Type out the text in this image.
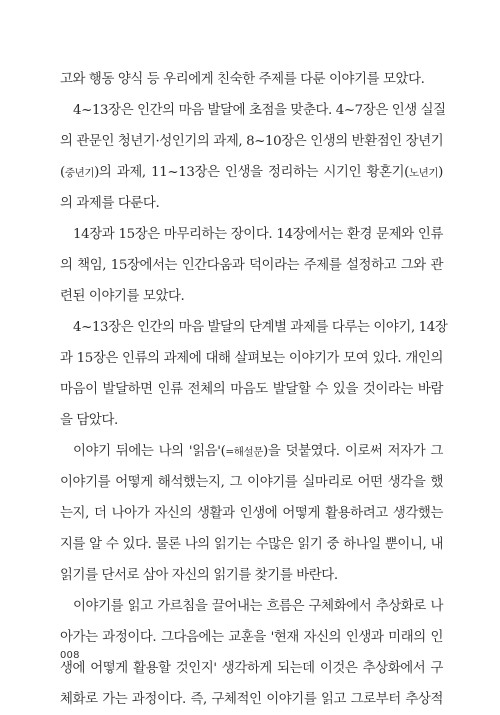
고와 행동 양식 등 우리에게 친숙한 주제를 다룬 이야기를 모았다.
4~13장은 인간의 마음 발달에 초점을 맞춘다. 4~7장은 인생 실질
의 관문인 청년기·성인기의 과제, 8~10장은 인생의 반환점인 장년기
(중년기)의 과제, 11~13장은 인생을 정리하는 시기인 황혼기(노년기)
의 과제를 다룬다.
14장과 15장은 마무리하는 장이다. 14장에서는 환경 문제와 인류
의 책임, 15장에서는 인간다움과 덕이라는 주제를 설정하고 그와 관
련된 이야기를 모았다.
4~13장은 인간의 마음 발달의 단계별 과제를 다루는 이야기, 14장
과 15장은 인류의 과제에 대해 살펴보는 이야기가 모여 있다. 개인의
마음이 발달하면 인류 전체의 마음도 발달할 수 있을 것이라는 바람
을 담았다.
이야기 뒤에는 나의 '읽음'(=해설문)을 덧붙였다. 이로써 저자가 그
이야기를 어떻게 해석했는지, 그 이야기를 실마리로 어떤 생각을 했
는지, 더 나아가 자신의 생활과 인생에 어떻게 활용하려고 생각했는
지를 알 수 있다. 물론 나의 읽기는 수많은 읽기 중 하나일 뿐이니, 내
읽기를 단서로 삼아 자신의 읽기를 찾기를 바란다.
이야기를 읽고 가르침을 끌어내는 흐름은 구체화에서 추상화로 나
아가는 과정이다. 그다음에는 교훈을 '현재 자신의 인생과 미래의 인
생에 어떻게 활용할 것인지' 생각하게 되는데 이것은 추상화에서 구
체화로 가는 과정이다. 즉, 구체적인 이야기를 읽고 그로부터 추상적
008
